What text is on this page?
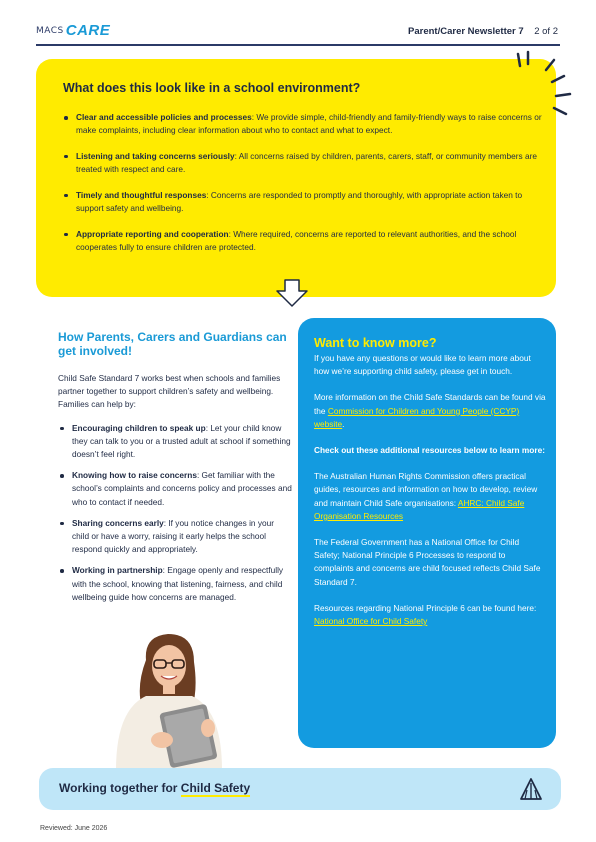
MACS CARE	Parent/Carer Newsletter 7 2 of 2
What does this look like in a school environment?
Clear and accessible policies and processes: We provide simple, child-friendly and family-friendly ways to raise concerns or make complaints, including clear information about who to contact and what to expect.
Listening and taking concerns seriously: All concerns raised by children, parents, carers, staff, or community members are treated with respect and care.
Timely and thoughtful responses: Concerns are responded to promptly and thoroughly, with appropriate action taken to support safety and wellbeing.
Appropriate reporting and cooperation: Where required, concerns are reported to relevant authorities, and the school cooperates fully to ensure children are protected.
How Parents, Carers and Guardians can get involved!

Child Safe Standard 7 works best when schools and families partner together to support children’s safety and wellbeing. Families can help by:

Encouraging children to speak up: Let your child know they can talk to you or a trusted adult at school if something doesn’t feel right.
Knowing how to raise concerns: Get familiar with the school’s complaints and concerns policy and processes and who to contact if needed.
Sharing concerns early: If you notice changes in your child or have a worry, raising it early helps the school respond quickly and appropriately.
Working in partnership: Engage openly and respectfully with the school, knowing that listening, fairness, and child wellbeing guide how concerns are managed.
Want to know more?

If you have any questions or would like to learn more about how we’re supporting child safety, please get in touch.

More information on the Child Safe Standards can be found via the Commission for Children and Young People (CCYP) website.

Check out these additional resources below to learn more:

The Australian Human Rights Commission offers practical guides, resources and information on how to develop, review and maintain Child Safe organisations: AHRC: Child Safe Organisation Resources

The Federal Government has a National Office for Child Safety; National Principle 6 Processes to respond to complaints and concerns are child focused reflects Child Safe Standard 7.

Resources regarding National Principle 6 can be found here: National Office for Child Safety

Working together for Child Safety
Reviewed: June 2026
